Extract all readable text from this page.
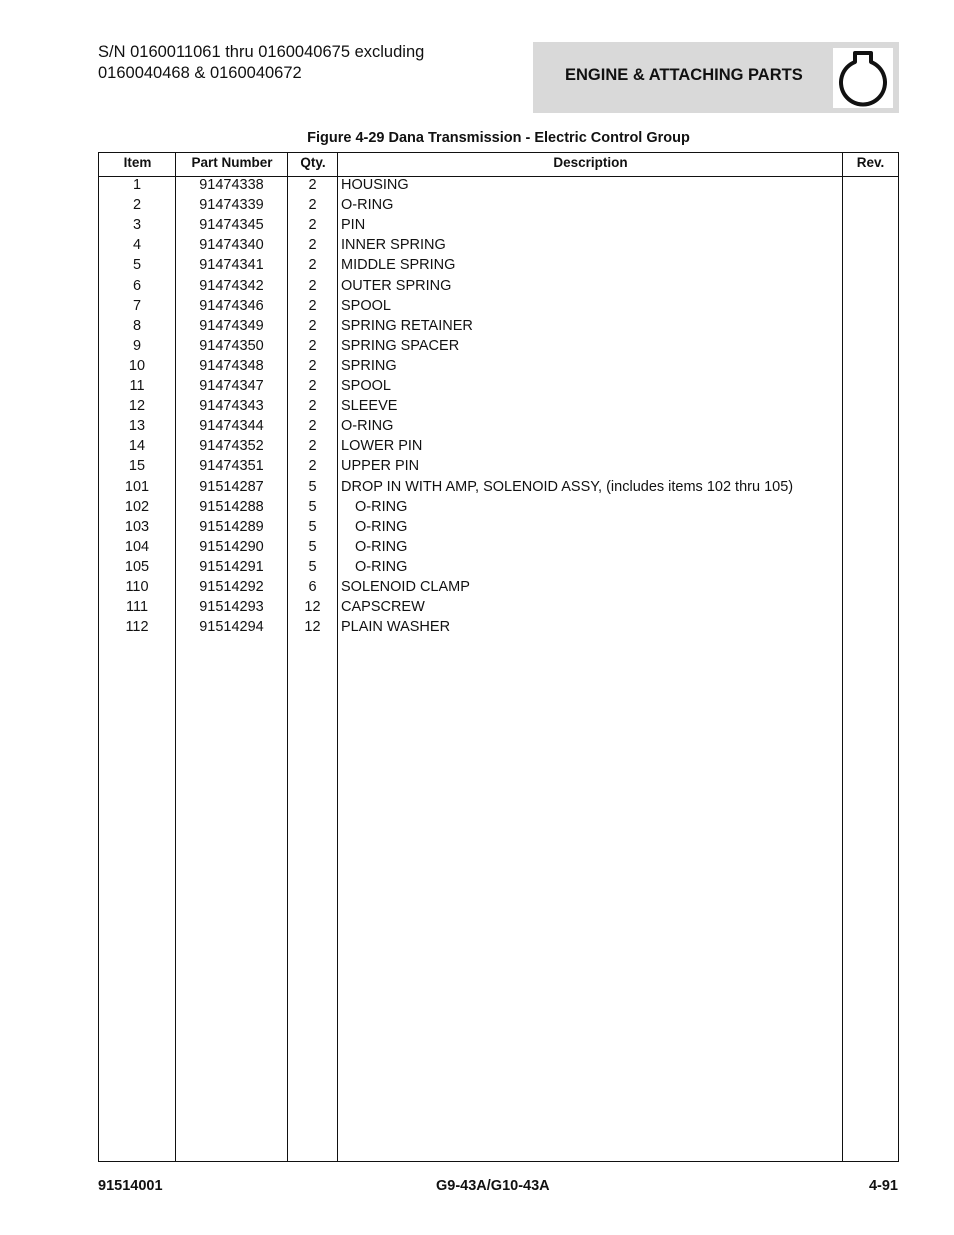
S/N 0160011061 thru 0160040675 excluding
0160040468 & 0160040672	ENGINE & ATTACHING PARTS
Figure 4-29 Dana Transmission - Electric Control Group
Item	Part Number	Qty.	Description	Rev.
1	91474338	2	HOUSING
2	91474339	2	O-RING
3	91474345	2	PIN
4	91474340	2	INNER SPRING
5	91474341	2	MIDDLE SPRING
6	91474342	2	OUTER SPRING
7	91474346	2	SPOOL
8	91474349	2	SPRING RETAINER
9	91474350	2	SPRING SPACER
10	91474348	2	SPRING
11	91474347	2	SPOOL
12	91474343	2	SLEEVE
13	91474344	2	O-RING
14	91474352	2	LOWER PIN
15	91474351	2	UPPER PIN
101	91514287	5	DROP IN WITH AMP, SOLENOID ASSY, (includes items 102 thru 105)
102	91514288	5	O-RING
103	91514289	5	O-RING
104	91514290	5	O-RING
105	91514291	5	O-RING
110	91514292	6	SOLENOID CLAMP
111	91514293	12	CAPSCREW
112	91514294	12	PLAIN WASHER
91514001	G9-43A/G10-43A	4-91
